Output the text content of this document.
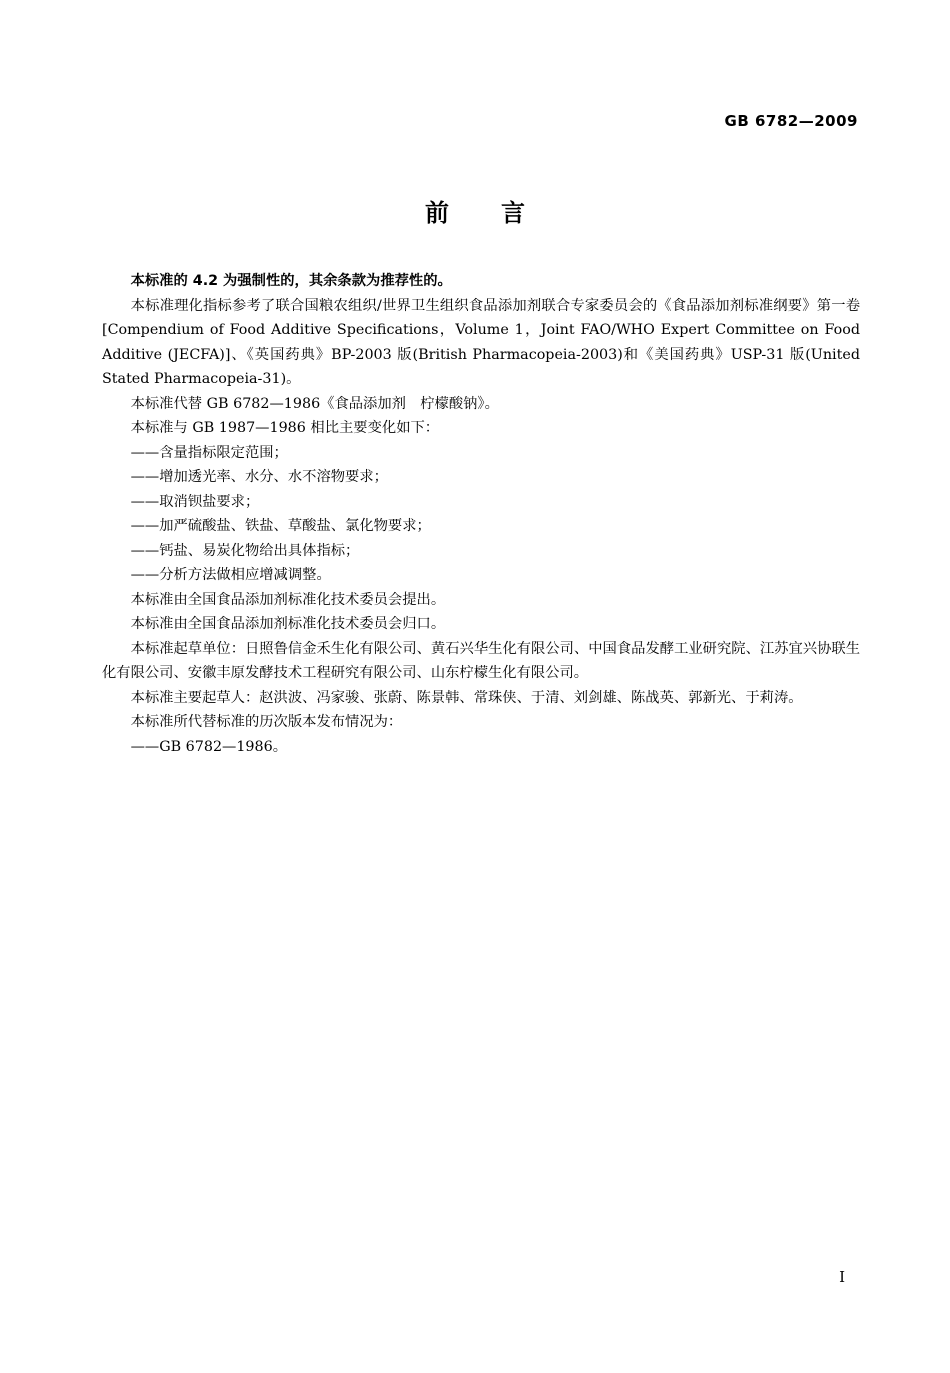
GB 6782—2009
前言

本标准的 4.2 为强制性的，其余条款为推荐性的。

本标准理化指标参考了联合国粮农组织/世界卫生组织食品添加剂联合专家委员会的《食品添加剂标准纲要》第一卷[Compendium of Food Additive Specifications，Volume 1，Joint FAO/WHO Expert Committee on Food Additive (JECFA)]、《英国药典》BP-2003 版(British Pharmacopeia-2003)和《美国药典》USP-31 版(United Stated Pharmacopeia-31)。

本标准代替 GB 6782—1986《食品添加剂　柠檬酸钠》。

本标准与 GB 1987—1986 相比主要变化如下：

——含量指标限定范围；

——增加透光率、水分、水不溶物要求；

——取消钡盐要求；

——加严硫酸盐、铁盐、草酸盐、氯化物要求；

——钙盐、易炭化物给出具体指标；

——分析方法做相应增减调整。

本标准由全国食品添加剂标准化技术委员会提出。

本标准由全国食品添加剂标准化技术委员会归口。

本标准起草单位：日照鲁信金禾生化有限公司、黄石兴华生化有限公司、中国食品发酵工业研究院、江苏宜兴协联生化有限公司、安徽丰原发酵技术工程研究有限公司、山东柠檬生化有限公司。

本标准主要起草人：赵洪波、冯家骏、张蔚、陈景韩、常珠侠、于清、刘剑雄、陈战英、郭新光、于莉涛。

本标准所代替标准的历次版本发布情况为：

——GB 6782—1986。

I
